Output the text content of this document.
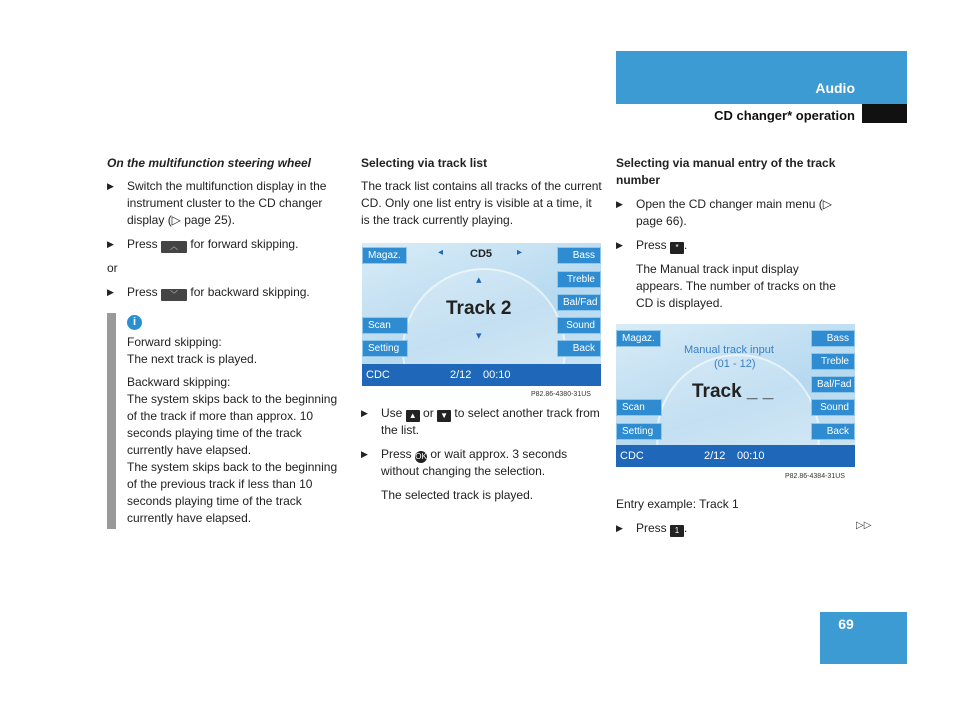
Audio
CD changer* operation

On the multifunction steering wheel

▶ Switch the multifunction display in the instrument cluster to the CD changer display (▷ page 25).

▶ Press ︿ for forward skipping.

or

▶ Press ﹀ for backward skipping.

i

Forward skipping:

The next track is played.

Backward skipping:

The system skips back to the beginning of the track if more than approx. 10 seconds playing time of the track currently have elapsed.

The system skips back to the beginning of the previous track if less than 10 seconds playing time of the track currently have elapsed.

Selecting via track list

The track list contains all tracks of the current CD. Only one list entry is visible at a time, it is the track currently playing.

Magaz.	◂ CD5 ▸	Bass
Treble
▴
Bal/Fad
Track 2
Scan	Sound
▾
Setting	Back
CDC	2/12 00:10
P82.86-4380-31US

▶ Use ▲ or ▼ to select another track from the list.

▶ Press OK or wait approx. 3 seconds without changing the selection.

The selected track is played.

Selecting via manual entry of the track number

▶ Open the CD changer main menu (▷ page 66).

▶ Press * .

The Manual track input display appears. The number of tracks on the CD is displayed.

Magaz.
Manual track input
(01 - 12)
Bass
Treble
Bal/Fad
Track _ _
Scan	Sound
Setting	Back
CDC	2/12 00:10
P82.86-4384-31US

Entry example: Track 1

▶ Press 1 .	▷▷
69
